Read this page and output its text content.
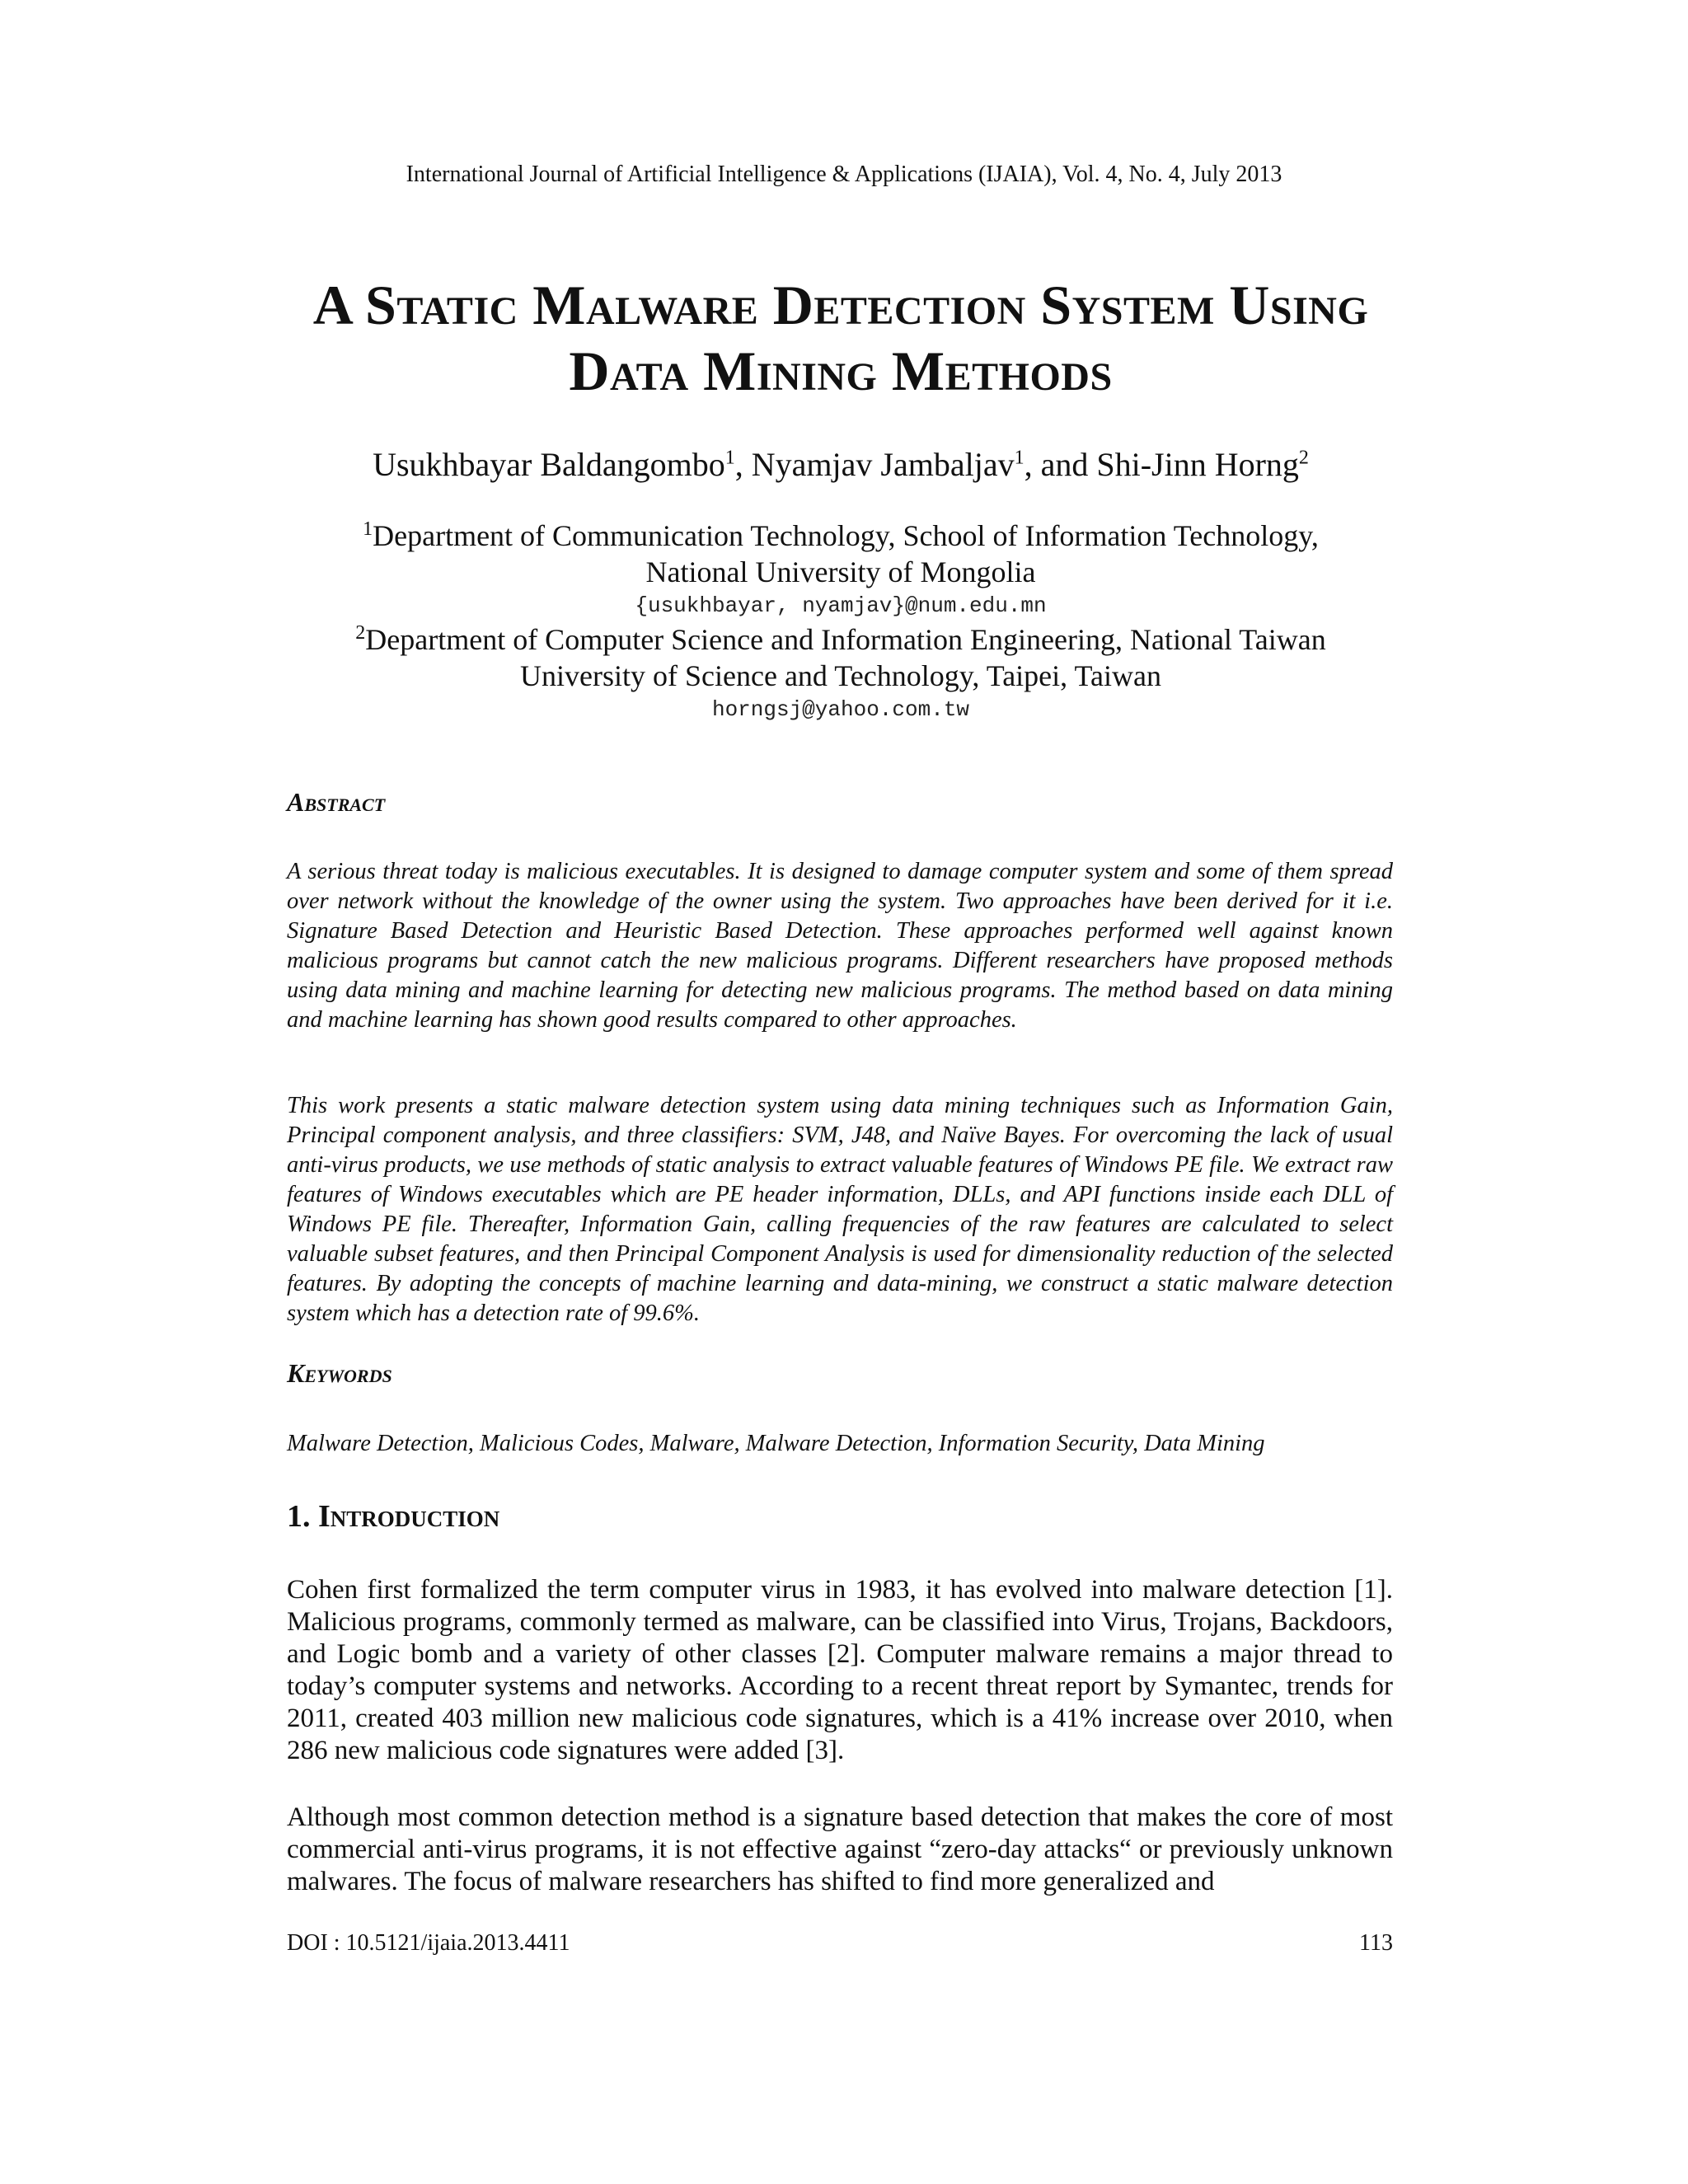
International Journal of Artificial Intelligence & Applications (IJAIA), Vol. 4, No. 4, July 2013
A Static Malware Detection System Using
Data Mining Methods
Usukhbayar Baldangombo$^1$, Nyamjav Jambaljav$^1$, and Shi-Jinn Horng$^2$
$^1$Department of Communication Technology, School of Information Technology,
National University of Mongolia
{usukhbayar, nyamjav}@num.edu.mn
$^2$Department of Computer Science and Information Engineering, National Taiwan
University of Science and Technology, Taipei, Taiwan
horngsj@yahoo.com.tw
Abstract
A serious threat today is malicious executables. It is designed to damage computer system and some of them spread over network without the knowledge of the owner using the system. Two approaches have been derived for it i.e. Signature Based Detection and Heuristic Based Detection. These approaches performed well against known malicious programs but cannot catch the new malicious programs. Different researchers have proposed methods using data mining and machine learning for detecting new malicious programs. The method based on data mining and machine learning has shown good results compared to other approaches.
This work presents a static malware detection system using data mining techniques such as Information Gain, Principal component analysis, and three classifiers: SVM, J48, and Naïve Bayes. For overcoming the lack of usual anti-virus products, we use methods of static analysis to extract valuable features of Windows PE file. We extract raw features of Windows executables which are PE header information, DLLs, and API functions inside each DLL of Windows PE file. Thereafter, Information Gain, calling frequencies of the raw features are calculated to select valuable subset features, and then Principal Component Analysis is used for dimensionality reduction of the selected features. By adopting the concepts of machine learning and data-mining, we construct a static malware detection system which has a detection rate of 99.6%.
Keywords
Malware Detection, Malicious Codes, Malware, Malware Detection, Information Security, Data Mining
1. Introduction
Cohen first formalized the term computer virus in 1983, it has evolved into malware detection [1]. Malicious programs, commonly termed as malware, can be classified into Virus, Trojans, Backdoors, and Logic bomb and a variety of other classes [2]. Computer malware remains a major thread to today’s computer systems and networks. According to a recent threat report by Symantec, trends for 2011, created 403 million new malicious code signatures, which is a 41% increase over 2010, when 286 new malicious code signatures were added [3].
Although most common detection method is a signature based detection that makes the core of most commercial anti-virus programs, it is not effective against “zero-day attacks“ or previously unknown malwares. The focus of malware researchers has shifted to find more generalized and
DOI : 10.5121/ijaia.2013.4411	113
